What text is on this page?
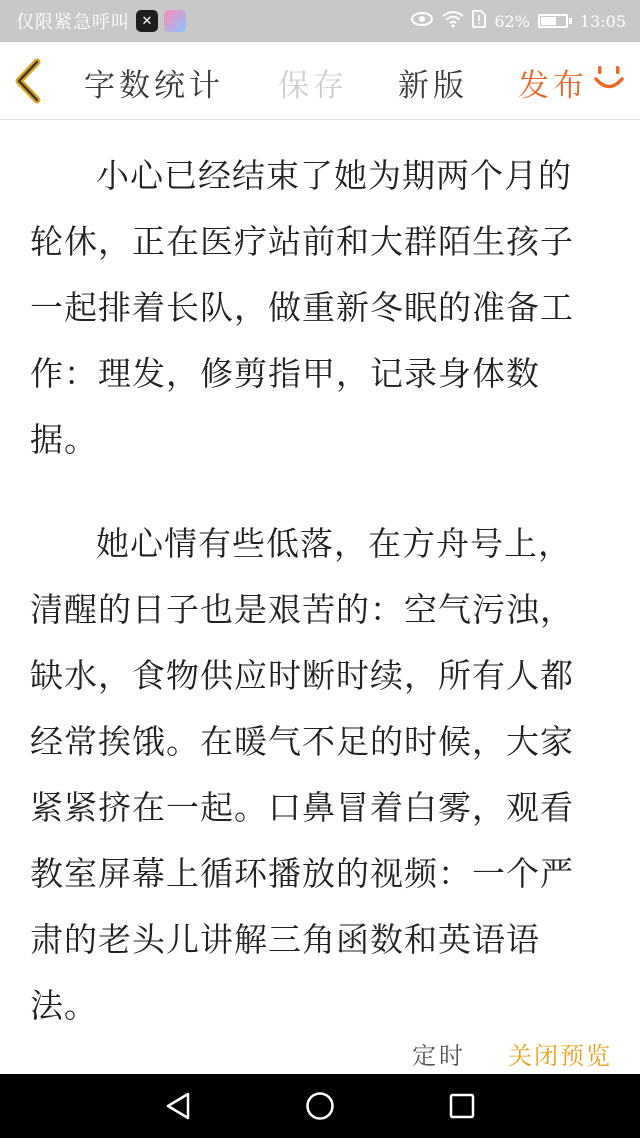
仅限紧急呼叫 ✕	62%	13:05
字数统计 保存 新版 发布

小心已经结束了她为期两个月的轮休，正在医疗站前和大群陌生孩子一起排着长队，做重新冬眠的准备工作：理发，修剪指甲，记录身体数据。

她心情有些低落，在方舟号上，清醒的日子也是艰苦的：空气污浊，缺水，食物供应时断时续，所有人都经常挨饿。在暖气不足的时候，大家紧紧挤在一起。口鼻冒着白雾，观看教室屏幕上循环播放的视频：一个严肃的老头儿讲解三角函数和英语语法。

定时 关闭预览
